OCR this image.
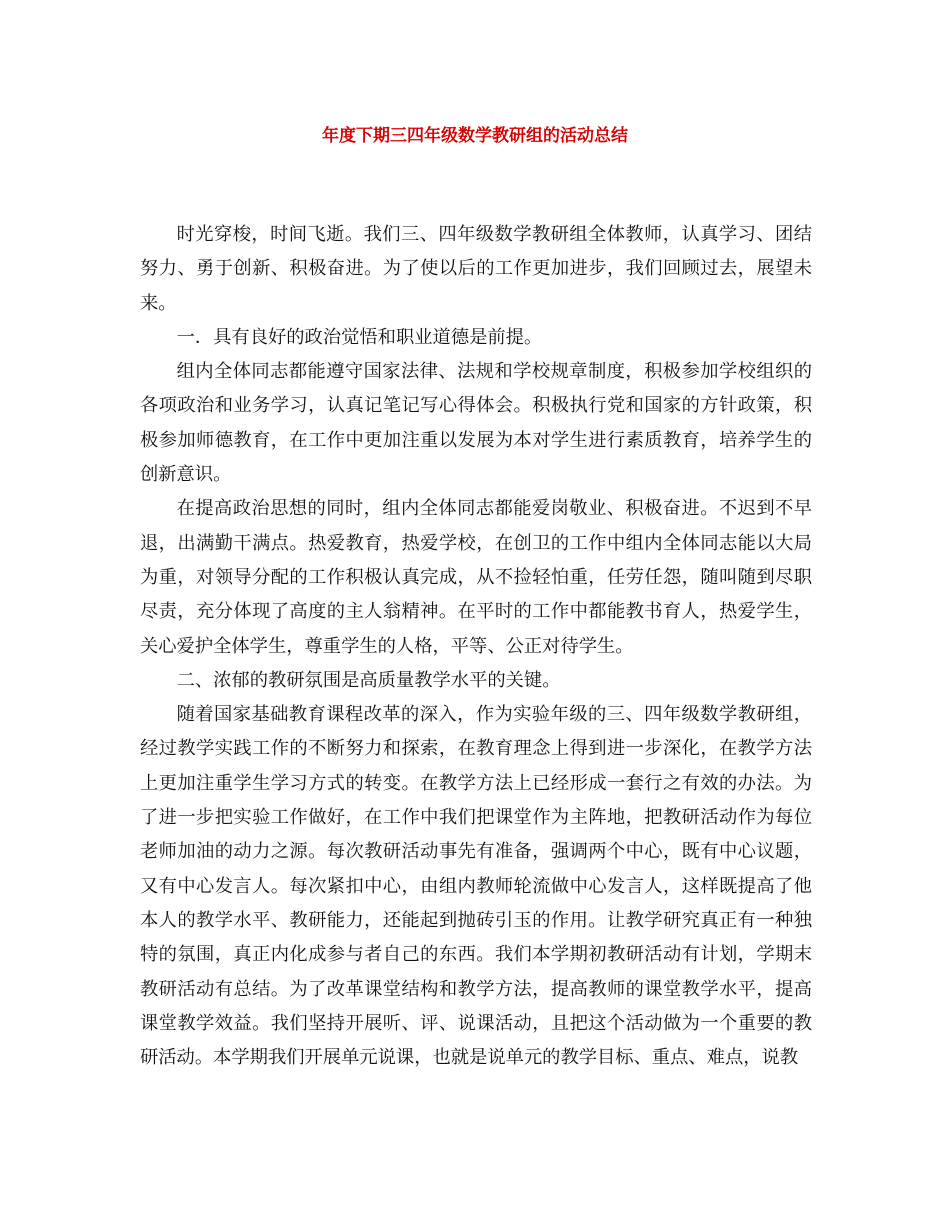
年度下期三四年级数学教研组的活动总结

时光穿梭，时间飞逝。我们三、四年级数学教研组全体教师，认真学习、团结努力、勇于创新、积极奋进。为了使以后的工作更加进步，我们回顾过去，展望未来。

一．具有良好的政治觉悟和职业道德是前提。

组内全体同志都能遵守国家法律、法规和学校规章制度，积极参加学校组织的各项政治和业务学习，认真记笔记写心得体会。积极执行党和国家的方针政策，积极参加师德教育，在工作中更加注重以发展为本对学生进行素质教育，培养学生的创新意识。

在提高政治思想的同时，组内全体同志都能爱岗敬业、积极奋进。不迟到不早退，出满勤干满点。热爱教育，热爱学校，在创卫的工作中组内全体同志能以大局为重，对领导分配的工作积极认真完成，从不捡轻怕重，任劳任怨，随叫随到尽职尽责，充分体现了高度的主人翁精神。在平时的工作中都能教书育人，热爱学生，关心爱护全体学生，尊重学生的人格，平等、公正对待学生。

二、浓郁的教研氛围是高质量教学水平的关键。

随着国家基础教育课程改革的深入，作为实验年级的三、四年级数学教研组，经过教学实践工作的不断努力和探索，在教育理念上得到进一步深化，在教学方法上更加注重学生学习方式的转变。在教学方法上已经形成一套行之有效的办法。为了进一步把实验工作做好，在工作中我们把课堂作为主阵地，把教研活动作为每位老师加油的动力之源。每次教研活动事先有准备，强调两个中心，既有中心议题，又有中心发言人。每次紧扣中心，由组内教师轮流做中心发言人，这样既提高了他本人的教学水平、教研能力，还能起到抛砖引玉的作用。让教学研究真正有一种独特的氛围，真正内化成参与者自己的东西。我们本学期初教研活动有计划，学期末教研活动有总结。为了改革课堂结构和教学方法，提高教师的课堂教学水平，提高课堂教学效益。我们坚持开展听、评、说课活动，且把这个活动做为一个重要的教研活动。本学期我们开展单元说课，也就是说单元的教学目标、重点、难点，说教
